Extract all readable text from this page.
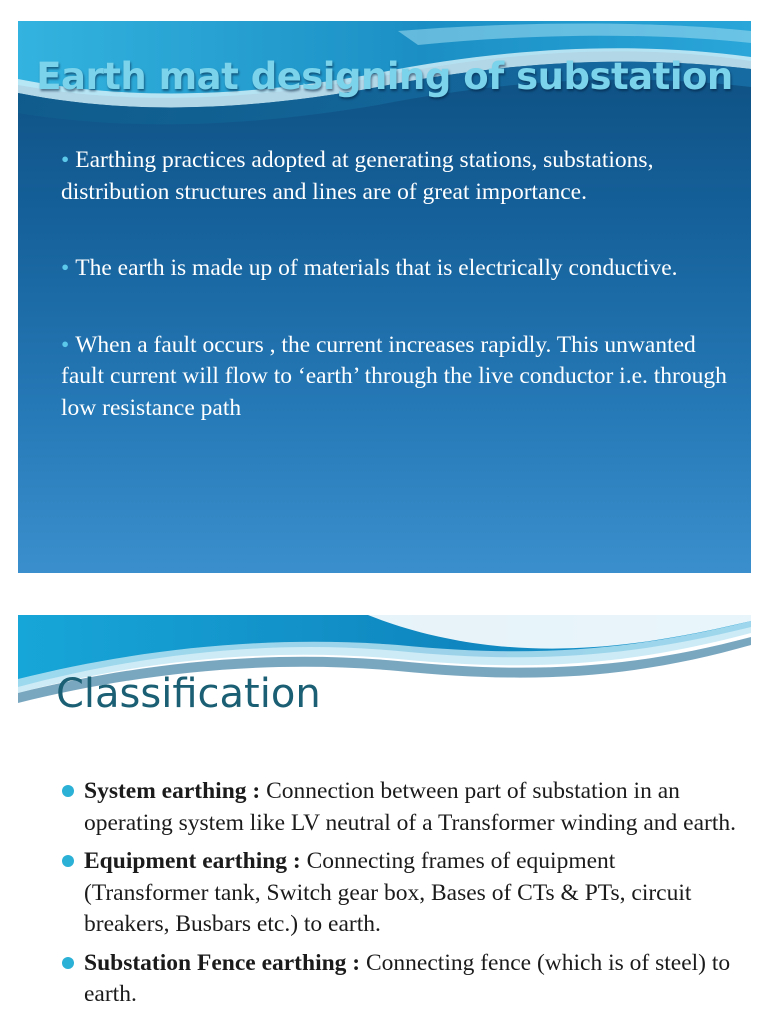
Earth mat designing of substation
• Earthing practices adopted at generating stations, substations, distribution structures and lines are of great importance.
• The earth is made up of materials that is electrically conductive.
• When a fault occurs , the current increases rapidly. This unwanted fault current will flow to ‘earth’ through the live conductor i.e. through low resistance path
Classification
System earthing : Connection between part of substation in an operating system like LV neutral of a Transformer winding and earth.
Equipment earthing : Connecting frames of equipment (Transformer tank, Switch gear box, Bases of CTs & PTs, circuit breakers, Busbars etc.) to earth.
Substation Fence earthing : Connecting fence (which is of steel) to earth.
